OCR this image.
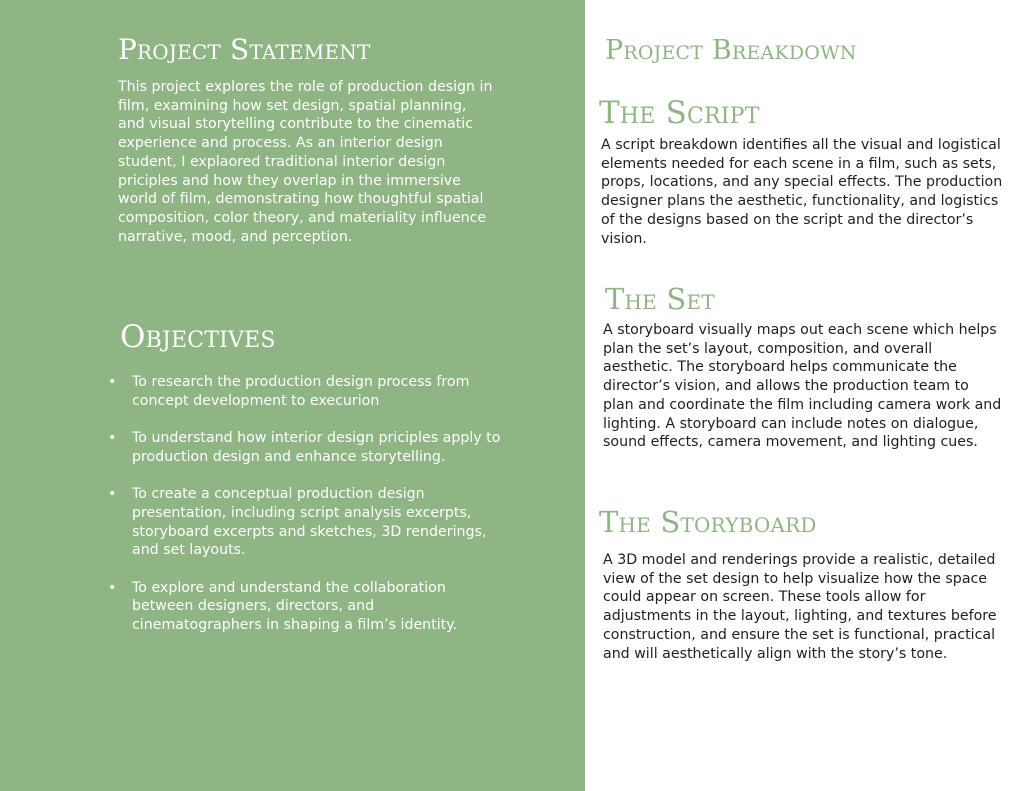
Project Statement

This project explores the role of production design in film, examining how set design, spatial planning, and visual storytelling contribute to the cinematic experience and process. As an interior design student, I explaored traditional interior design priciples and how they overlap in the immersive world of film, demonstrating how thoughtful spatial composition, color theory, and materiality influence narrative, mood, and perception.

Objectives
•	To research the production design process from concept development to execurion
•	To understand how interior design priciples apply to production design and enhance storytelling.
•	To create a conceptual production design presentation, including script analysis excerpts, storyboard excerpts and sketches, 3D renderings, and set layouts.
•	To explore and understand the collaboration between designers, directors, and cinematographers in shaping a film’s identity.
Project Breakdown
The Script

A script breakdown identifies all the visual and logistical elements needed for each scene in a film, such as sets, props, locations, and any special effects. The production designer plans the aesthetic, functionality, and logistics of the designs based on the script and the director’s vision.

The Set

A storyboard visually maps out each scene which helps plan the set’s layout, composition, and overall aesthetic. The storyboard helps communicate the director’s vision, and allows the production team to plan and coordinate the film including camera work and lighting. A storyboard can include notes on dialogue, sound effects, camera movement, and lighting cues.

The Storyboard

A 3D model and renderings provide a realistic, detailed view of the set design to help visualize how the space could appear on screen. These tools allow for adjustments in the layout, lighting, and textures before construction, and ensure the set is functional, practical and will aesthetically align with the story’s tone.
